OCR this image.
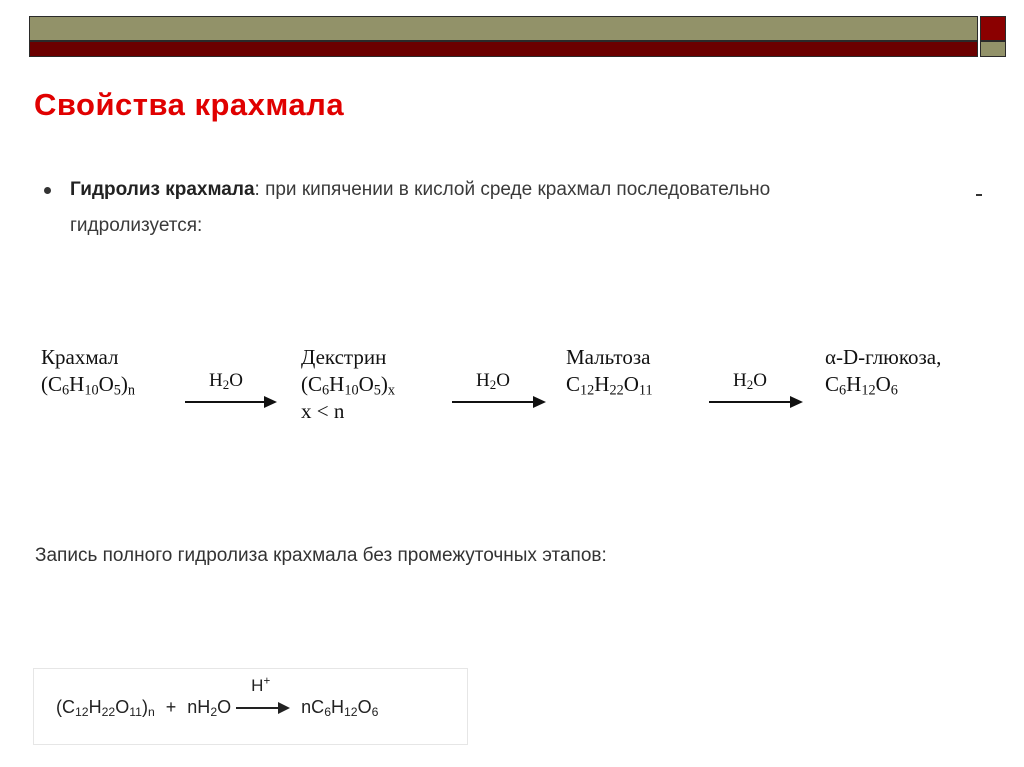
Свойства крахмала
Гидролиз крахмала: при кипячении в кислой среде крахмал последовательно
гидролизуется:
Крахмал
$(C_6H_{10}O_5)_n$	$H_2O$
Декстрин
$(C_6H_{10}O_5)_x$
x < n
$H_2O$
Мальтоза
$C_{12}H_{22}O_{11}$	$H_2O$
α-D-глюкоза,
$C_6H_{12}O_6$
Запись полного гидролиза крахмала без промежуточных этапов:
$(C_{12}H_{22}O_{11})_n + nH_2O$
H+
$nC_6H_{12}O_6$
